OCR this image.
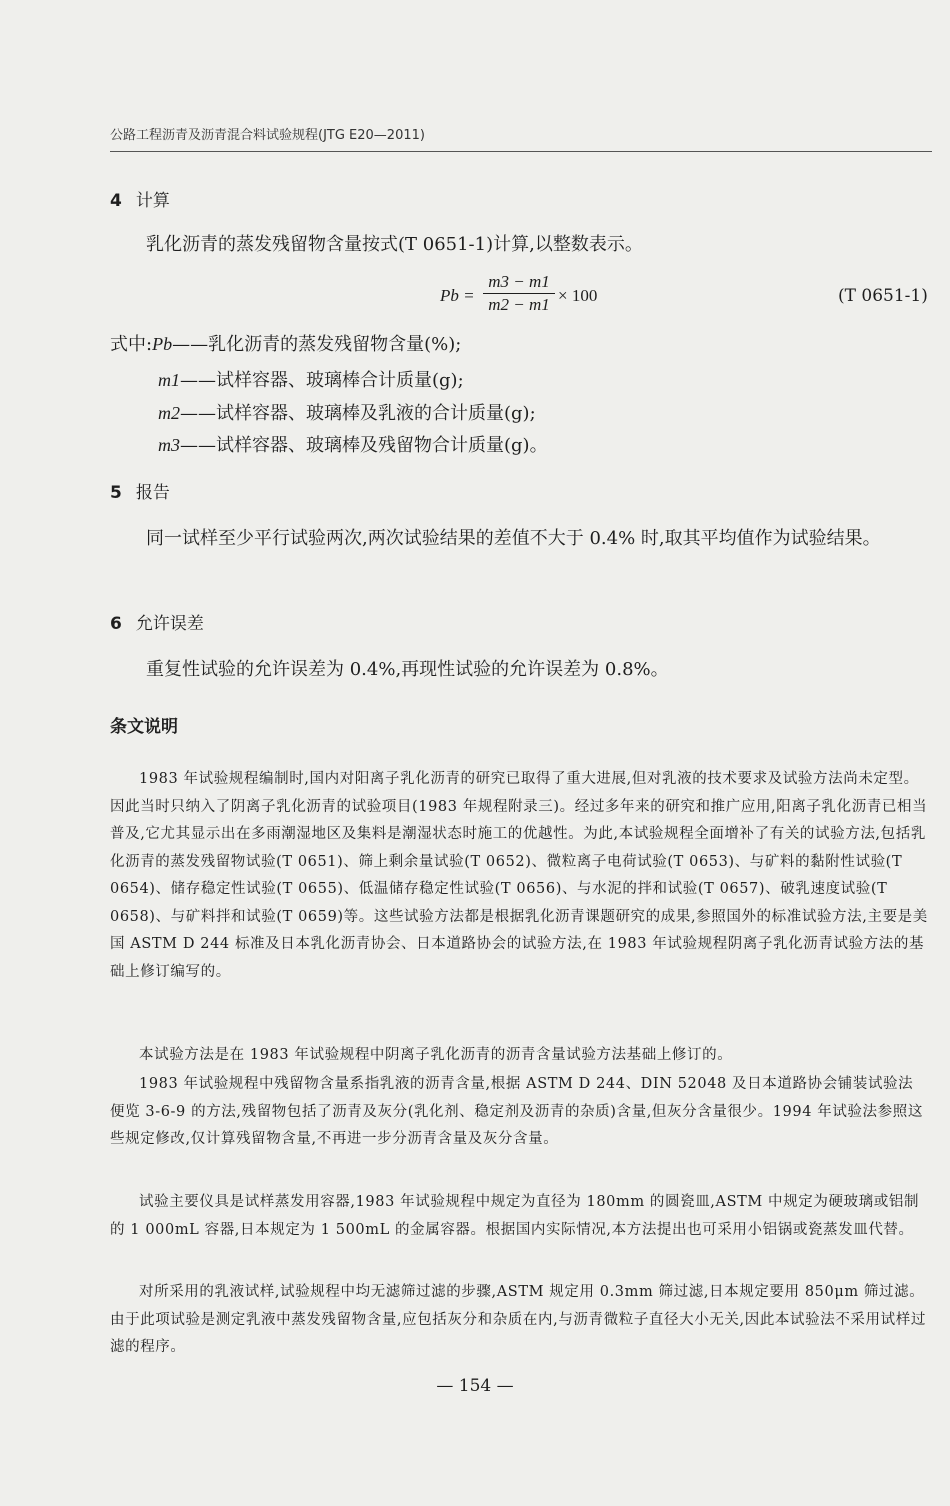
公路工程沥青及沥青混合料试验规程(JTG E20—2011)
4 计算
乳化沥青的蒸发残留物含量按式(T 0651-1)计算,以整数表示。
$Pb = \frac{m3 - m1}{m2 - m1} \times 100$	(T 0651-1)
式中:Pb——乳化沥青的蒸发残留物含量(%);
m1——试样容器、玻璃棒合计质量(g);
m2——试样容器、玻璃棒及乳液的合计质量(g);
m3——试样容器、玻璃棒及残留物合计质量(g)。
5 报告
同一试样至少平行试验两次,两次试验结果的差值不大于 0.4% 时,取其平均值作为试验结果。
6 允许误差
重复性试验的允许误差为 0.4%,再现性试验的允许误差为 0.8%。
条文说明
1983 年试验规程编制时,国内对阳离子乳化沥青的研究已取得了重大进展,但对乳液的技术要求及试验方法尚未定型。因此当时只纳入了阴离子乳化沥青的试验项目(1983 年规程附录三)。经过多年来的研究和推广应用,阳离子乳化沥青已相当普及,它尤其显示出在多雨潮湿地区及集料是潮湿状态时施工的优越性。为此,本试验规程全面增补了有关的试验方法,包括乳化沥青的蒸发残留物试验(T 0651)、筛上剩余量试验(T 0652)、微粒离子电荷试验(T 0653)、与矿料的黏附性试验(T 0654)、储存稳定性试验(T 0655)、低温储存稳定性试验(T 0656)、与水泥的拌和试验(T 0657)、破乳速度试验(T 0658)、与矿料拌和试验(T 0659)等。这些试验方法都是根据乳化沥青课题研究的成果,参照国外的标准试验方法,主要是美国 ASTM D 244 标准及日本乳化沥青协会、日本道路协会的试验方法,在 1983 年试验规程阴离子乳化沥青试验方法的基础上修订编写的。
本试验方法是在 1983 年试验规程中阴离子乳化沥青的沥青含量试验方法基础上修订的。
1983 年试验规程中残留物含量系指乳液的沥青含量,根据 ASTM D 244、DIN 52048 及日本道路协会铺装试验法便览 3-6-9 的方法,残留物包括了沥青及灰分(乳化剂、稳定剂及沥青的杂质)含量,但灰分含量很少。1994 年试验法参照这些规定修改,仅计算残留物含量,不再进一步分沥青含量及灰分含量。
试验主要仪具是试样蒸发用容器,1983 年试验规程中规定为直径为 180mm 的圆瓷皿,ASTM 中规定为硬玻璃或铝制的 1 000mL 容器,日本规定为 1 500mL 的金属容器。根据国内实际情况,本方法提出也可采用小铝锅或瓷蒸发皿代替。
对所采用的乳液试样,试验规程中均无滤筛过滤的步骤,ASTM 规定用 0.3mm 筛过滤,日本规定要用 850μm 筛过滤。由于此项试验是测定乳液中蒸发残留物含量,应包括灰分和杂质在内,与沥青微粒子直径大小无关,因此本试验法不采用试样过滤的程序。
— 154 —
